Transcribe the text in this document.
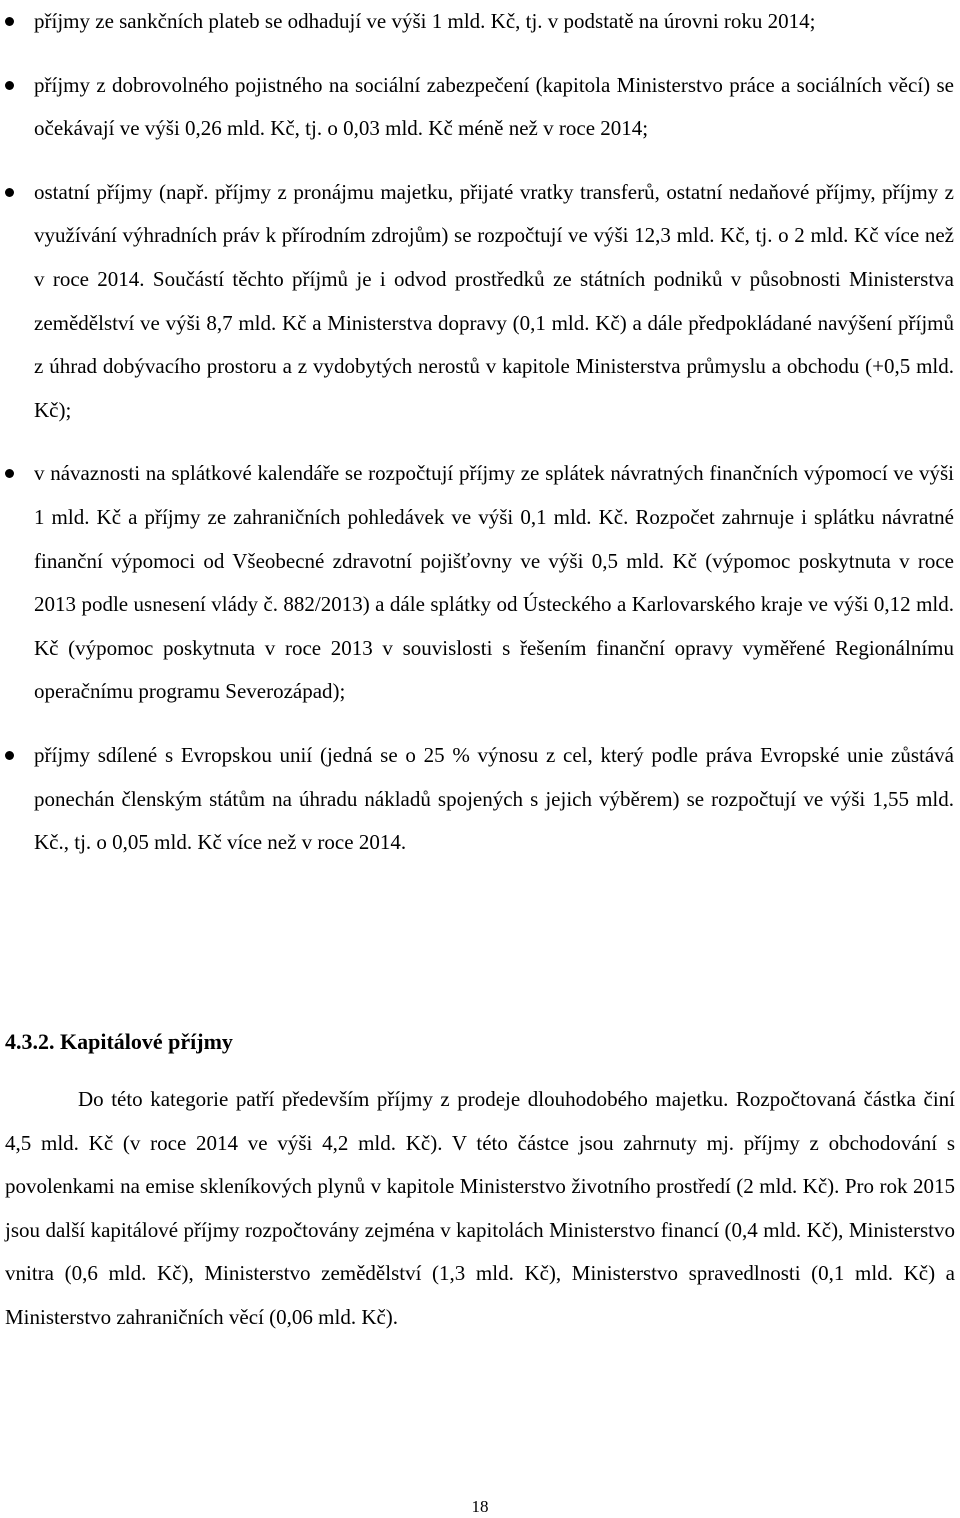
příjmy ze sankčních plateb se odhadují ve výši 1 mld. Kč, tj. v podstatě na úrovni roku 2014;
příjmy z dobrovolného pojistného na sociální zabezpečení (kapitola Ministerstvo práce a sociálních věcí) se očekávají ve výši 0,26 mld. Kč, tj. o 0,03 mld. Kč méně než v roce 2014;
ostatní příjmy (např. příjmy z pronájmu majetku, přijaté vratky transferů, ostatní nedaňové příjmy, příjmy z využívání výhradních práv k přírodním zdrojům) se rozpočtují ve výši 12,3 mld. Kč, tj. o 2 mld. Kč více než v roce 2014. Součástí těchto příjmů je i odvod prostředků ze státních podniků v působnosti Ministerstva zemědělství ve výši 8,7 mld. Kč a Ministerstva dopravy (0,1 mld. Kč) a dále předpokládané navýšení příjmů z úhrad dobývacího prostoru a z vydobytých nerostů v kapitole Ministerstva průmyslu a obchodu (+0,5 mld. Kč);
v návaznosti na splátkové kalendáře se rozpočtují příjmy ze splátek návratných finančních výpomocí ve výši 1 mld. Kč a příjmy ze zahraničních pohledávek ve výši 0,1 mld. Kč. Rozpočet zahrnuje i splátku návratné finanční výpomoci od Všeobecné zdravotní pojišťovny ve výši 0,5 mld. Kč (výpomoc poskytnuta v roce 2013 podle usnesení vlády č. 882/2013) a dále splátky od Ústeckého a Karlovarského kraje ve výši 0,12 mld. Kč (výpomoc poskytnuta v roce 2013 v souvislosti s řešením finanční opravy vyměřené Regionálnímu operačnímu programu Severozápad);
příjmy sdílené s Evropskou unií (jedná se o 25 % výnosu z cel, který podle práva Evropské unie zůstává ponechán členským státům na úhradu nákladů spojených s jejich výběrem) se rozpočtují ve výši 1,55 mld. Kč., tj. o 0,05 mld. Kč více než v roce 2014.
4.3.2. Kapitálové příjmy

Do této kategorie patří především příjmy z prodeje dlouhodobého majetku. Rozpočtovaná částka činí 4,5 mld. Kč (v roce 2014 ve výši 4,2 mld. Kč). V této částce jsou zahrnuty mj. příjmy z obchodování s povolenkami na emise skleníkových plynů v kapitole Ministerstvo životního prostředí (2 mld. Kč). Pro rok 2015 jsou další kapitálové příjmy rozpočtovány zejména v kapitolách Ministerstvo financí (0,4 mld. Kč), Ministerstvo vnitra (0,6 mld. Kč), Ministerstvo zemědělství (1,3 mld. Kč), Ministerstvo spravedlnosti (0,1 mld. Kč) a Ministerstvo zahraničních věcí (0,06 mld. Kč).

18
